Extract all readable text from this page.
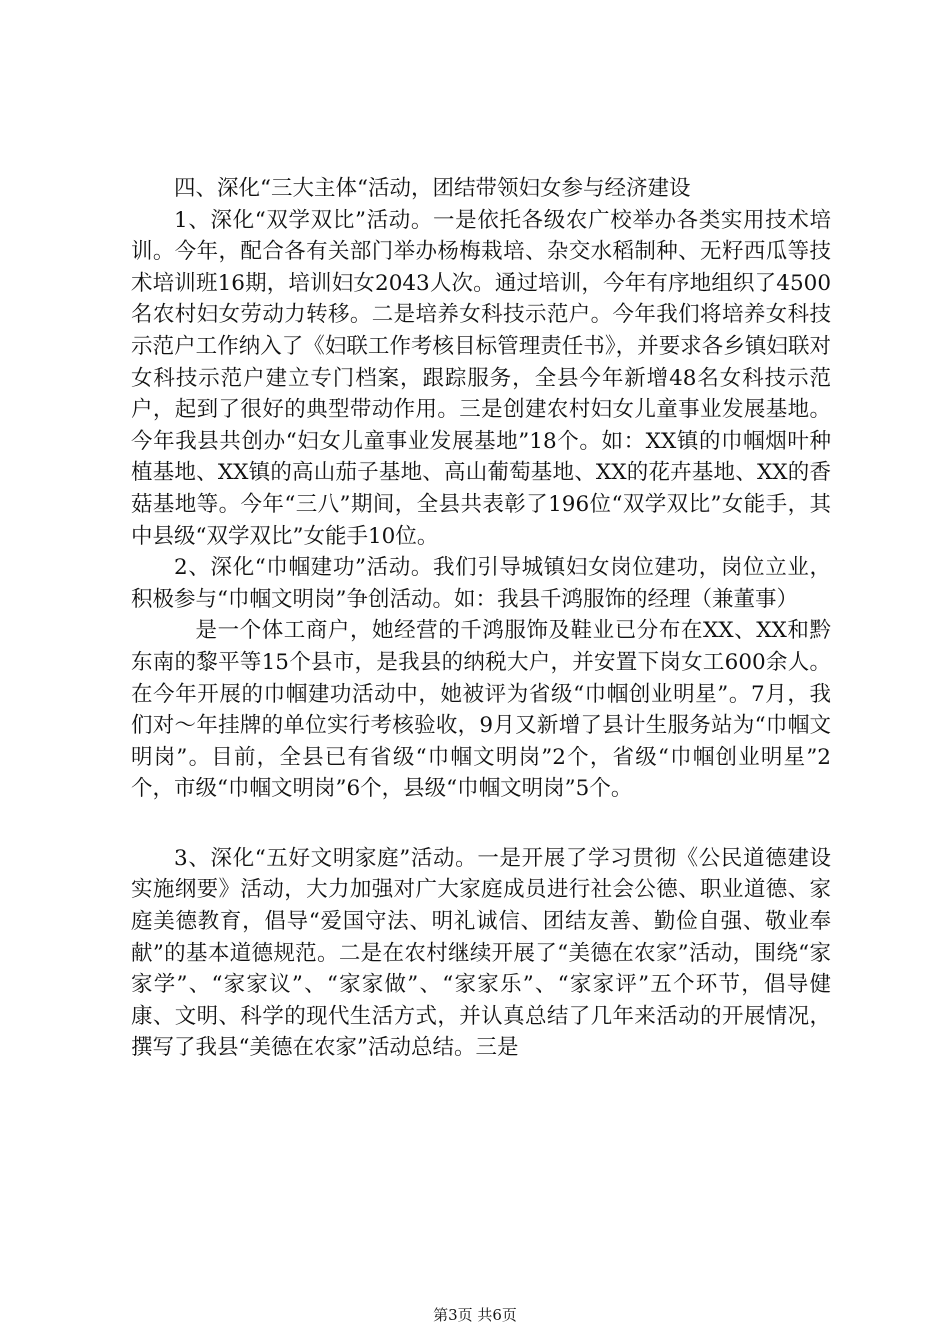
四、深化“三大主体“活动，团结带领妇女参与经济建设

1、深化“双学双比”活动。一是依托各级农广校举办各类实用技术培训。今年，配合各有关部门举办杨梅栽培、杂交水稻制种、无籽西瓜等技术培训班16期，培训妇女2043人次。通过培训，今年有序地组织了4500名农村妇女劳动力转移。二是培养女科技示范户。今年我们将培养女科技示范户工作纳入了《妇联工作考核目标管理责任书》，并要求各乡镇妇联对女科技示范户建立专门档案，跟踪服务，全县今年新增48名女科技示范户，起到了很好的典型带动作用。三是创建农村妇女儿童事业发展基地。今年我县共创办“妇女儿童事业发展基地”18个。如：XX镇的巾帼烟叶种植基地、XX镇的高山茄子基地、高山葡萄基地、XX的花卉基地、XX的香菇基地等。今年“三八”期间，全县共表彰了196位“双学双比”女能手，其中县级“双学双比”女能手10位。

2、深化“巾帼建功”活动。我们引导城镇妇女岗位建功，岗位立业，积极参与“巾帼文明岗”争创活动。如：我县千鸿服饰的经理（兼董事）

是一个体工商户，她经营的千鸿服饰及鞋业已分布在XX、XX和黔东南的黎平等15个县市，是我县的纳税大户，并安置下岗女工600余人。在今年开展的巾帼建功活动中，她被评为省级“巾帼创业明星”。7月，我们对～年挂牌的单位实行考核验收，9月又新增了县计生服务站为“巾帼文明岗”。目前，全县已有省级“巾帼文明岗”2个，省级“巾帼创业明星”2个，市级“巾帼文明岗”6个，县级“巾帼文明岗”5个。

3、深化“五好文明家庭”活动。一是开展了学习贯彻《公民道德建设实施纲要》活动，大力加强对广大家庭成员进行社会公德、职业道德、家庭美德教育，倡导“爱国守法、明礼诚信、团结友善、勤俭自强、敬业奉献”的基本道德规范。二是在农村继续开展了“美德在农家”活动，围绕“家家学”、“家家议”、“家家做”、“家家乐”、“家家评”五个环节，倡导健康、文明、科学的现代生活方式，并认真总结了几年来活动的开展情况，撰写了我县“美德在农家”活动总结。三是

第3页 共6页
